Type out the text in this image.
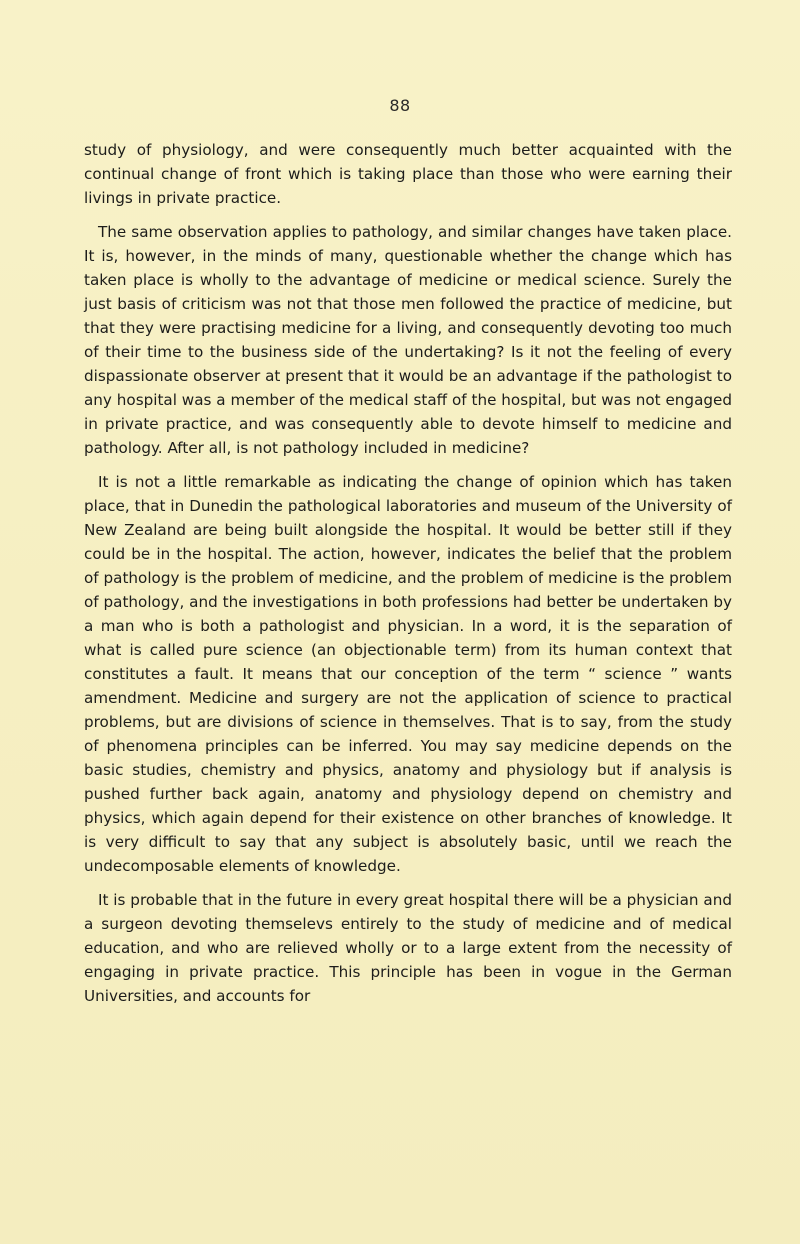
88

study of physiology, and were consequently much better acquainted with the continual change of front which is taking place than those who were earning their livings in private practice.

The same observation applies to pathology, and similar changes have taken place. It is, however, in the minds of many, questionable whether the change which has taken place is wholly to the advantage of medicine or medical science. Surely the just basis of criticism was not that those men followed the practice of medicine, but that they were practising medicine for a living, and consequently devoting too much of their time to the business side of the undertaking? Is it not the feeling of every dispassionate observer at present that it would be an advantage if the pathologist to any hospital was a member of the medical staff of the hospital, but was not engaged in private practice, and was consequently able to devote himself to medicine and pathology. After all, is not pathology included in medicine?

It is not a little remarkable as indicating the change of opinion which has taken place, that in Dunedin the pathological laboratories and museum of the University of New Zealand are being built alongside the hospital. It would be better still if they could be in the hospital. The action, however, indicates the belief that the problem of pathology is the problem of medicine, and the problem of medicine is the problem of pathology, and the investigations in both professions had better be undertaken by a man who is both a pathologist and physician. In a word, it is the separation of what is called pure science (an objectionable term) from its human context that constitutes a fault. It means that our conception of the term “ science ” wants amendment. Medicine and surgery are not the application of science to practical problems, but are divisions of science in themselves. That is to say, from the study of phenomena principles can be inferred. You may say medicine depends on the basic studies, chemistry and physics, anatomy and physiology but if analysis is pushed further back again, anatomy and physiology depend on chemistry and physics, which again depend for their existence on other branches of knowledge. It is very difficult to say that any subject is absolutely basic, until we reach the undecomposable elements of knowledge.

It is probable that in the future in every great hospital there will be a physician and a surgeon devoting themselevs entirely to the study of medicine and of medical education, and who are relieved wholly or to a large extent from the necessity of engaging in private practice. This principle has been in vogue in the German Universities, and accounts for
